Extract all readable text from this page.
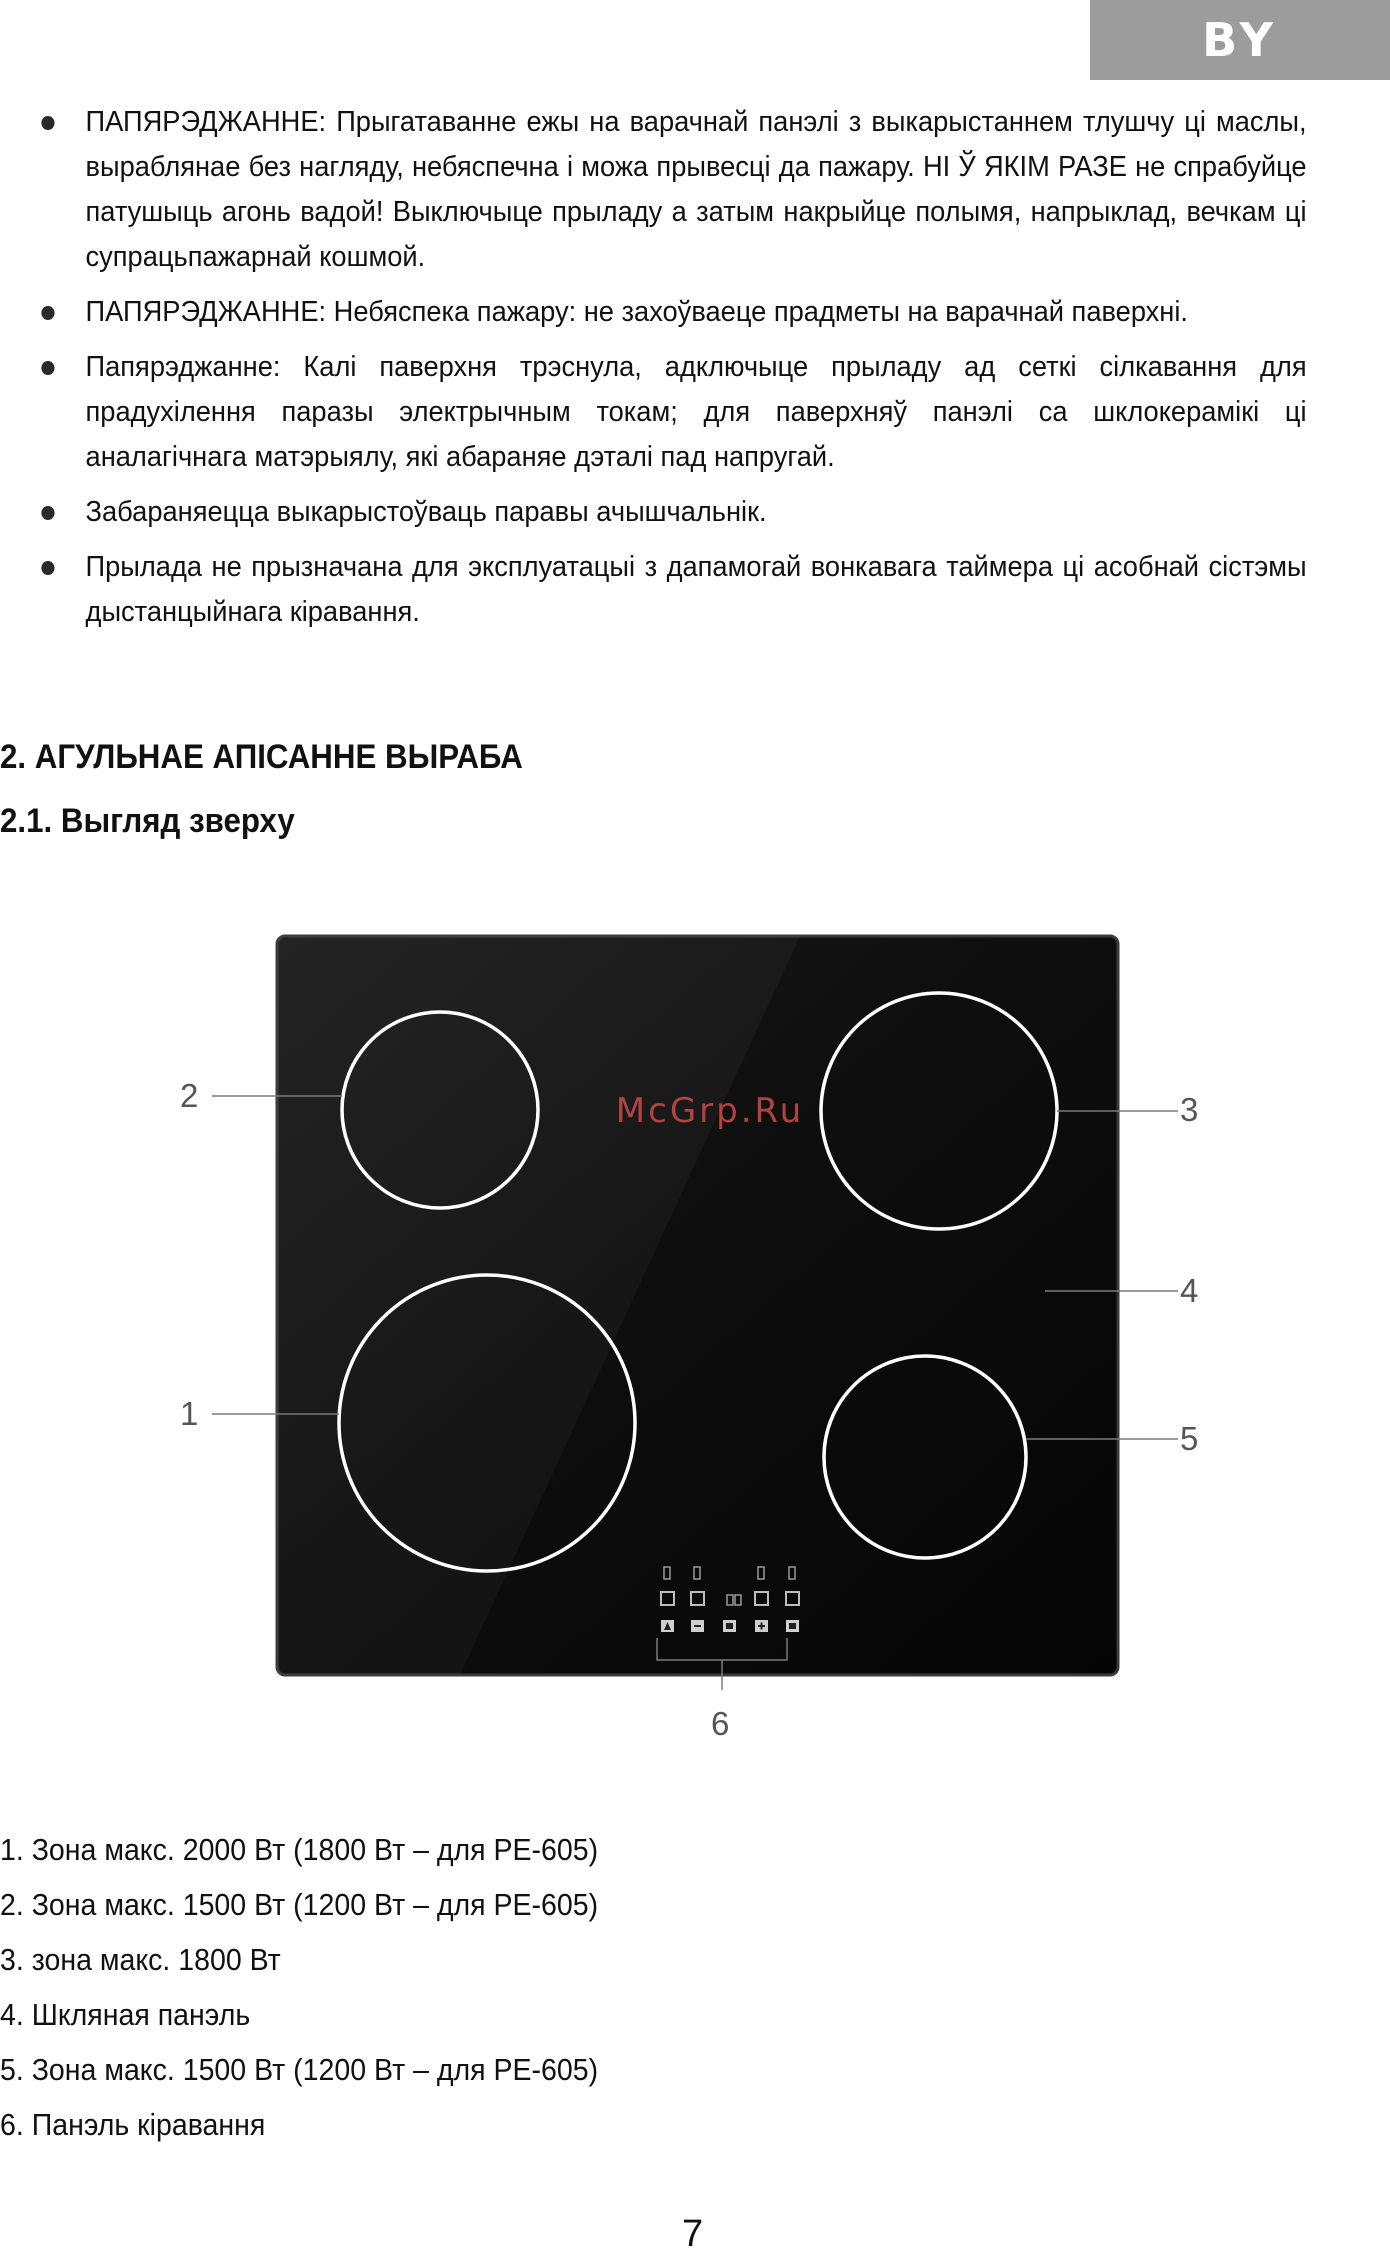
BY
ПАПЯРЭДЖАННЕ: Прыгатаванне ежы на варачнай панэлі з выкарыстаннем тлушчу ці маслы, выраблянае без нагляду, небяспечна і можа прывесці да пажару. НІ Ў ЯКІМ РАЗЕ не спрабуйце патушыць агонь вадой! Выключыце прыладу а затым накрыйце полымя, напрыклад, вечкам ці супрацьпажарнай кошмой.
ПАПЯРЭДЖАННЕ: Небяспека пажару: не захоўваеце прадметы на варачнай паверхні.
Папярэджанне: Калі паверхня трэснула, адключыце прыладу ад сеткі сілкавання для прадухілення паразы электрычным токам; для паверхняў панэлі са шклокерамікі ці аналагічнага матэрыялу, які абараняе дэталі пад напругай.
Забараняецца выкарыстоўваць паравы ачышчальнік.
Прылада не прызначана для эксплуатацыі з дапамогай вонкавага таймера ці асобнай сістэмы дыстанцыйнага кіравання.
2. АГУЛЬНАЕ АПІСАННЕ ВЫРАБА
2.1. Выгляд зверху
McGrp.Ru
2	3
4
1
5
6
1. Зона макс. 2000 Вт (1800 Вт – для PE-605)
2. Зона макс. 1500 Вт (1200 Вт – для PE-605)
3. зона макс. 1800 Вт
4. Шкляная панэль
5. Зона макс. 1500 Вт (1200 Вт – для PE-605)
6. Панэль кіравання
7
